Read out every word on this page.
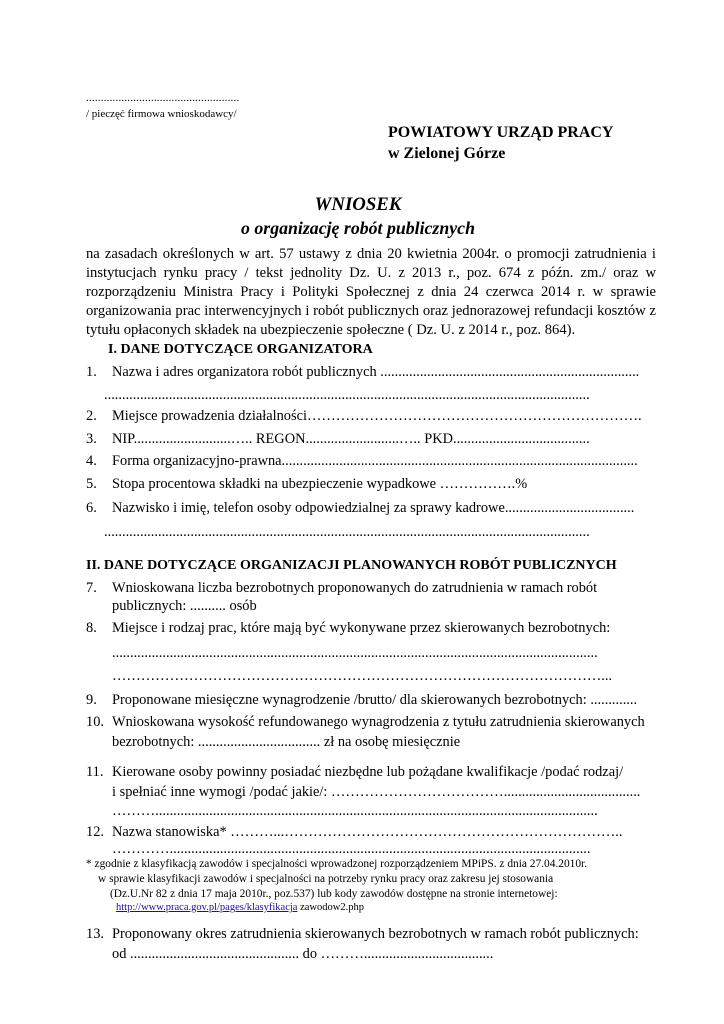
....................................................
/ pieczęć firmowa wnioskodawcy/
POWIATOWY URZĄD PRACY
w Zielonej Górze
WNIOSEK
o organizację robót publicznych
na zasadach określonych w art. 57 ustawy z dnia 20 kwietnia 2004r. o promocji zatrudnienia i instytucjach rynku pracy / tekst jednolity Dz. U. z 2013 r., poz. 674 z późn. zm./ oraz w rozporządzeniu Ministra Pracy i Polityki Społecznej z dnia 24 czerwca 2014 r. w sprawie organizowania prac interwencyjnych i robót publicznych oraz jednorazowej refundacji kosztów z tytułu opłaconych składek na ubezpieczenie społeczne ( Dz. U. z 2014 r., poz. 864).
I. DANE DOTYCZĄCE ORGANIZATORA
1. Nazwa i adres organizatora robót publicznych ........................................................................
.......................................................................................................................................
2. Miejsce prowadzenia działalności…………………………………………………………….
3. NIP...........................….. REGON..........................….. PKD......................................
4. Forma organizacyjno-prawna...................................................................................................
5. Stopa procentowa składki na ubezpieczenie wypadkowe …………….%
6. Nazwisko i imię, telefon osoby odpowiedzialnej za sprawy kadrowe....................................
.......................................................................................................................................
II. DANE DOTYCZĄCE ORGANIZACJI PLANOWANYCH ROBÓT PUBLICZNYCH
7. Wnioskowana liczba bezrobotnych proponowanych do zatrudnienia w ramach robót
publicznych: .......... osób
8. Miejsce i rodzaj prac, które mają być wykonywane przez skierowanych bezrobotnych:
.......................................................................................................................................
…………………………………………………………………………………………...
9. Proponowane miesięczne wynagrodzenie /brutto/ dla skierowanych bezrobotnych: .............
10. Wnioskowana wysokość refundowanego wynagrodzenia z tytułu zatrudnienia skierowanych
bezrobotnych: .................................. zł na osobę miesięcznie
11. Kierowane osoby powinny posiadać niezbędne lub pożądane kwalifikacje /podać rodzaj/
i spełniać inne wymogi /podać jakie/: ………………………………......................................
………...........................................................................................................................
12. Nazwa stanowiska* ………...……………………………………………………………..
………….....................................................................................................................
* zgodnie z klasyfikacją zawodów i specjalności wprowadzonej rozporządzeniem MPiPS. z dnia 27.04.2010r.
w sprawie klasyfikacji zawodów i specjalności na potrzeby rynku pracy oraz zakresu jej stosowania
(Dz.U.Nr 82 z dnia 17 maja 2010r., poz.537) lub kody zawodów dostępne na stronie internetowej:
http://www.praca.gov.pl/pages/klasyfikacja zawodow2.php
13. Proponowany okres zatrudnienia skierowanych bezrobotnych w ramach robót publicznych:
od ............................................... do ………....................................
